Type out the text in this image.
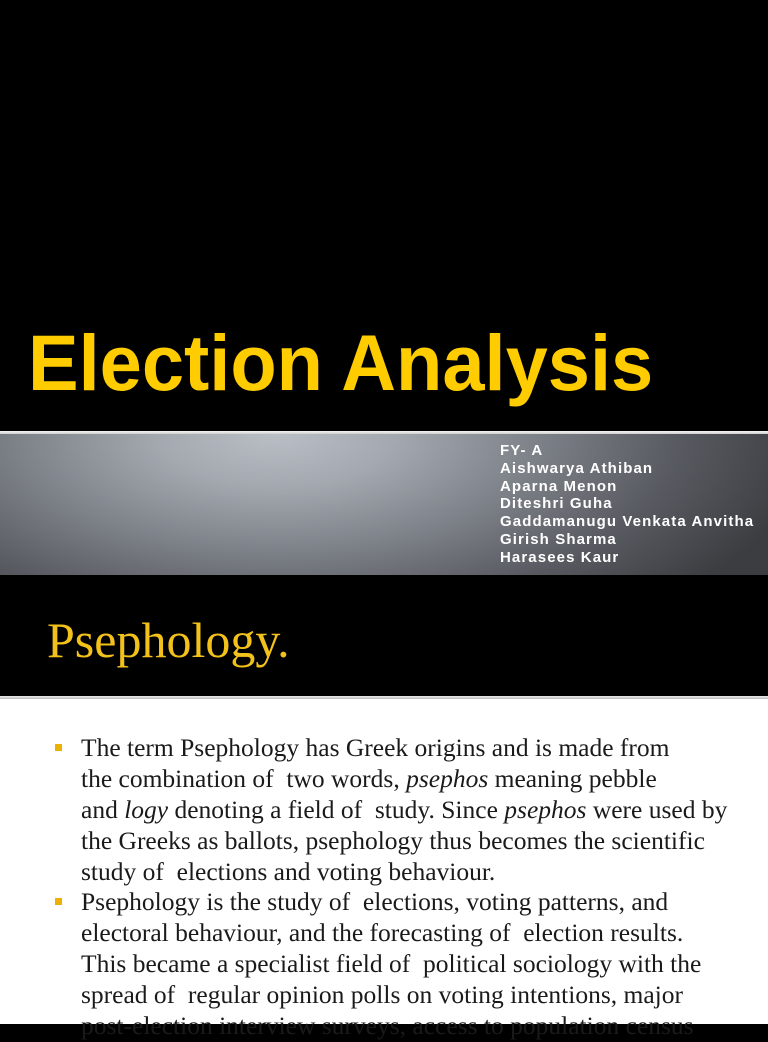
Election Analysis
FY- A
Aishwarya Athiban
Aparna Menon
Diteshri Guha
Gaddamanugu Venkata Anvitha
Girish Sharma
Harasees Kaur
Psephology.
The term Psephology has Greek origins and is made from
the combination of  two words, psephos meaning pebble
and logy denoting a field of  study. Since psephos were used by
the Greeks as ballots, psephology thus becomes the scientific
study of  elections and voting behaviour.
Psephology is the study of  elections, voting patterns, and
electoral behaviour, and the forecasting of  election results.
This became a specialist field of  political sociology with the
spread of  regular opinion polls on voting intentions, major
post-election interview surveys, access to population census
